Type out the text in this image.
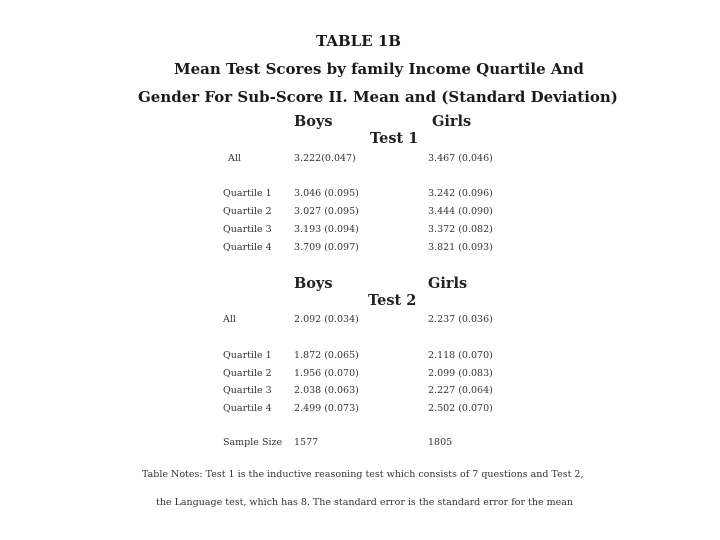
TABLE 1B
Mean Test Scores by family Income Quartile And
Gender For Sub-Score II. Mean and (Standard Deviation)
Boys	Girls
Test 1
All	3.222(0.047)	3.467 (0.046)
Quartile 1 3.046 (0.095)	3.242 (0.096)
Quartile 2 3.027 (0.095)	3.444 (0.090)
Quartile 3 3.193 (0.094)	3.372 (0.082)
Quartile 4 3.709 (0.097)	3.821 (0.093)
Boys	Girls
Test 2
All	2.092 (0.034)	2.237 (0.036)
Quartile 1 1.872 (0.065)	2.118 (0.070)
Quartile 2 1.956 (0.070)	2.099 (0.083)
Quartile 3 2.038 (0.063)	2.227 (0.064)
Quartile 4 2.499 (0.073)	2.502 (0.070)
Sample Size 1577	1805
Table Notes: Test 1 is the inductive reasoning test which consists of 7 questions and Test 2,
the Language test, which has 8. The standard error is the standard error for the mean
